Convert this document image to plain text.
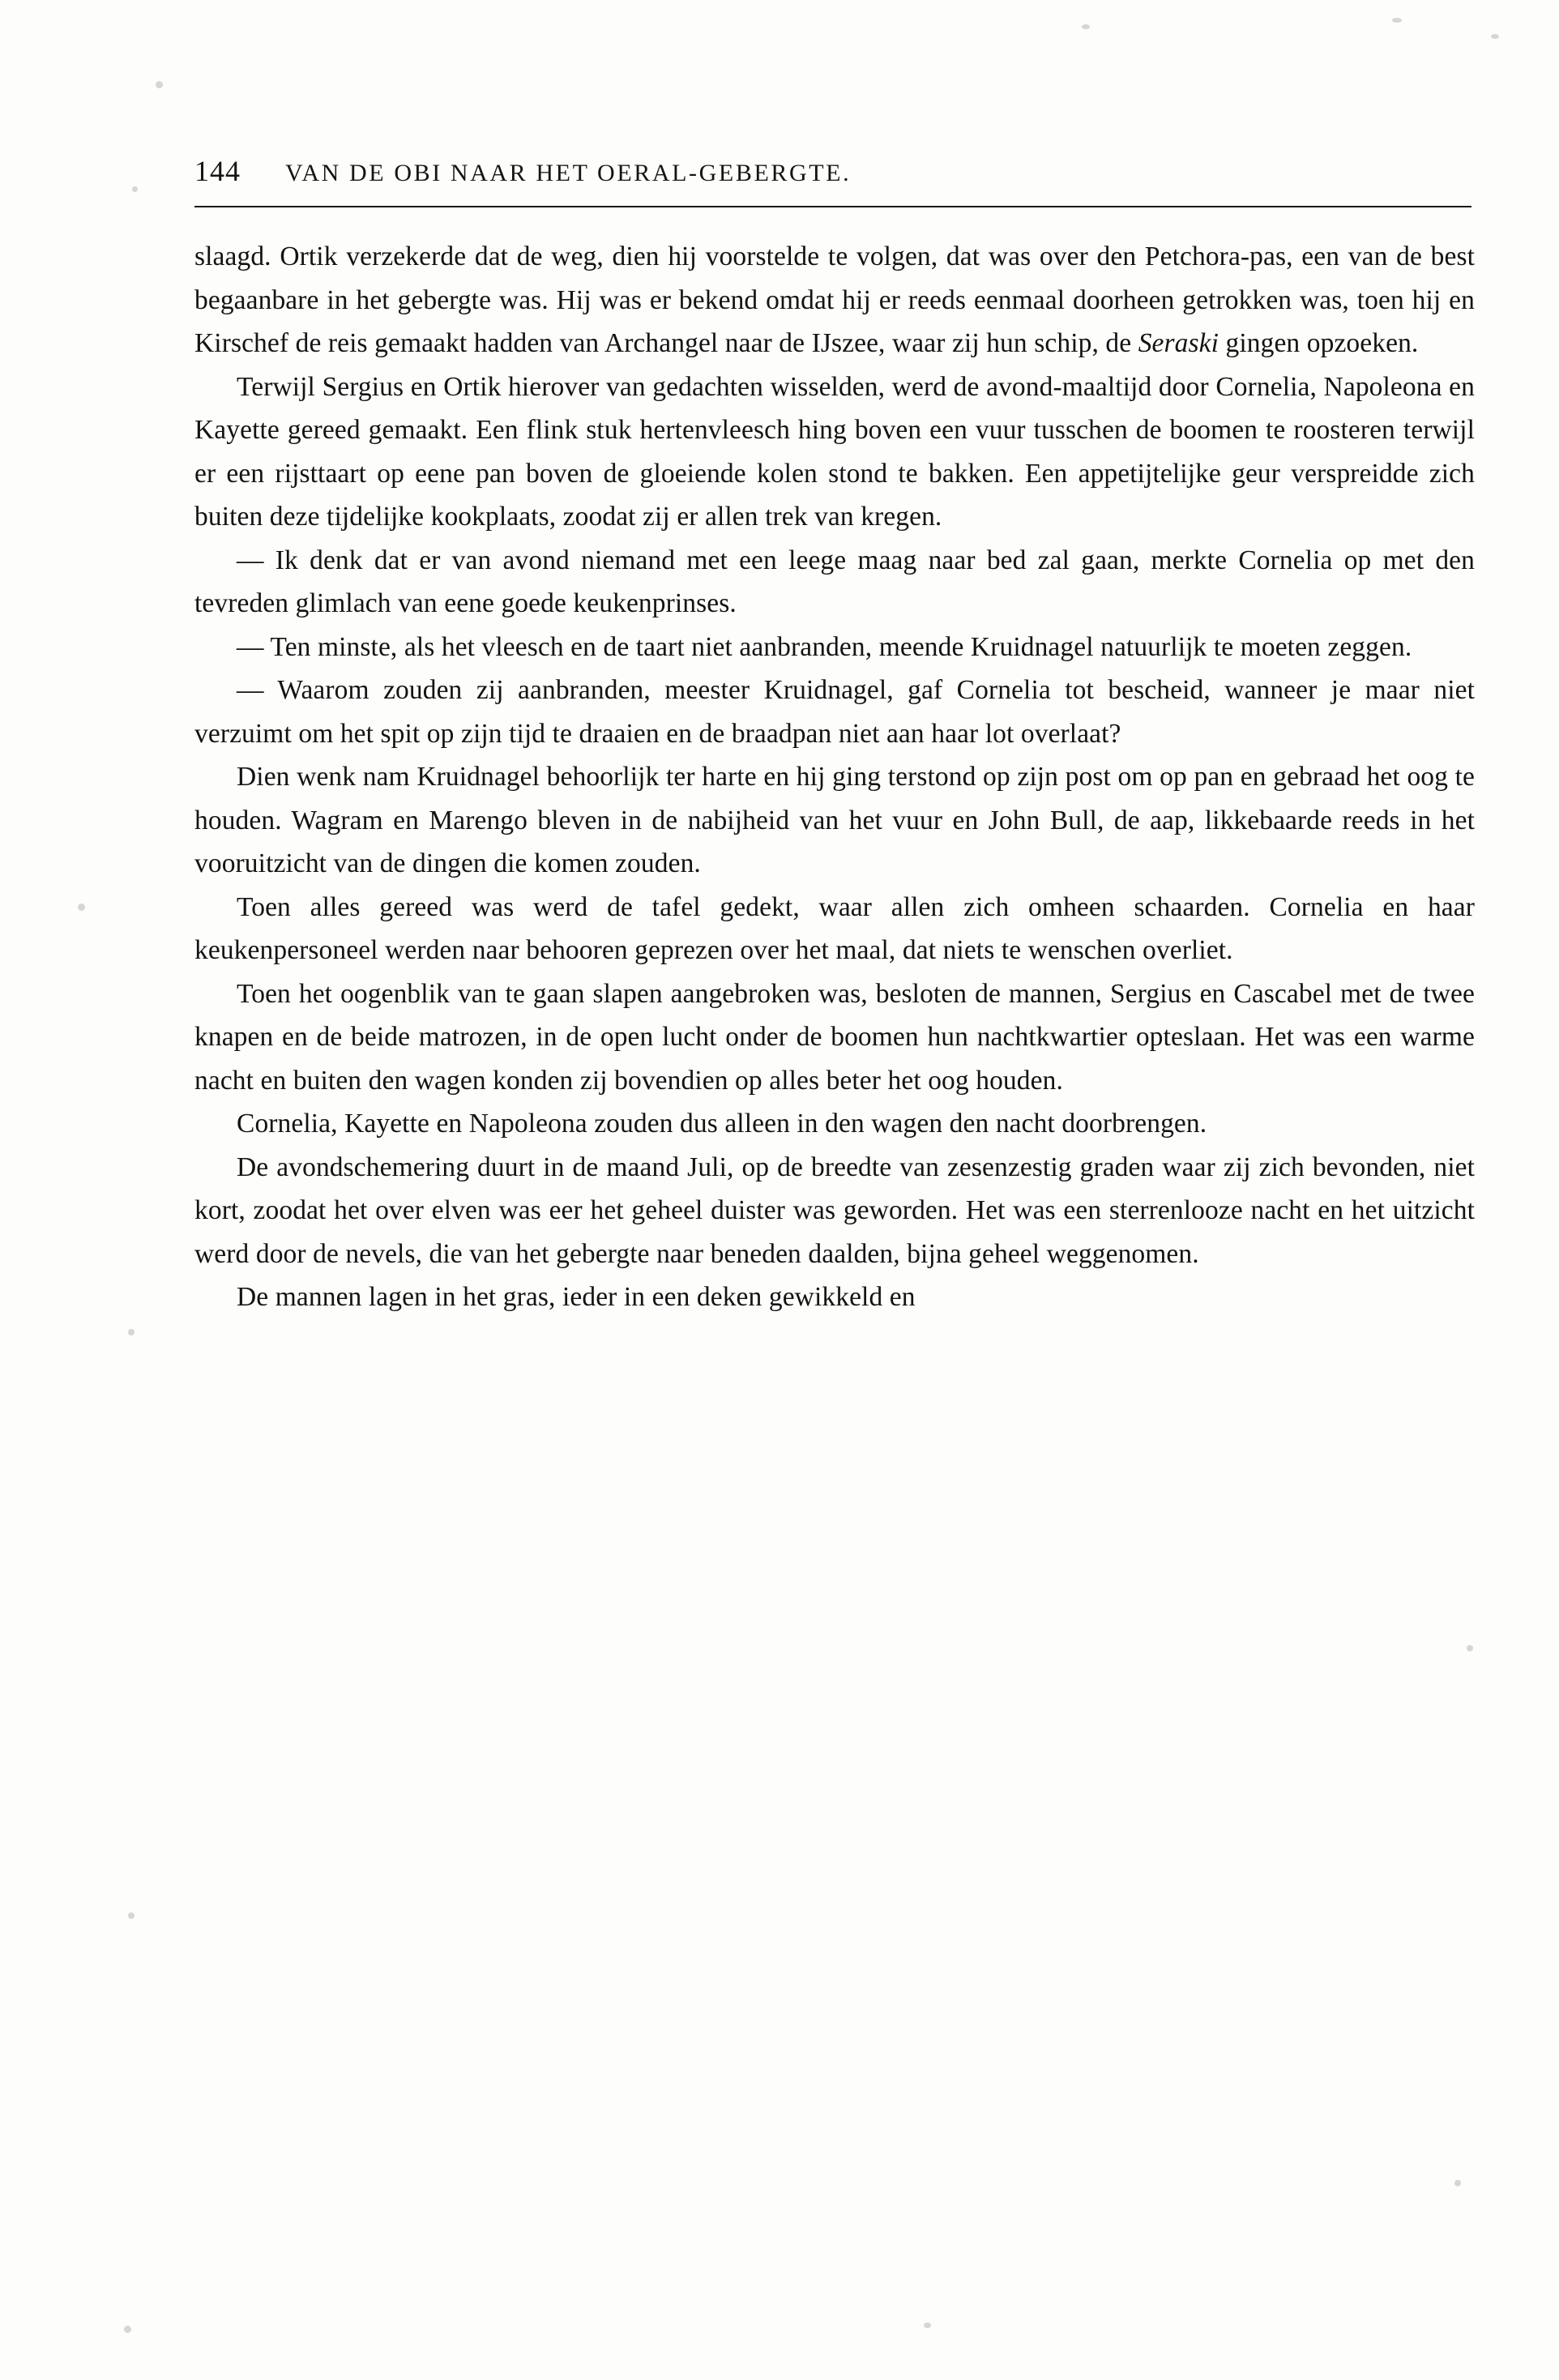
144	VAN DE OBI NAAR HET OERAL-GEBERGTE.

slaagd. Ortik verzekerde dat de weg, dien hij voorstelde te volgen, dat was over den Petchora-pas, een van de best begaanbare in het gebergte was. Hij was er bekend omdat hij er reeds eenmaal doorheen getrokken was, toen hij en Kirschef de reis gemaakt hadden van Archangel naar de IJszee, waar zij hun schip, de Seraski gingen opzoeken.

Terwijl Sergius en Ortik hierover van gedachten wisselden, werd de avond-maaltijd door Cornelia, Napoleona en Kayette gereed gemaakt. Een flink stuk hertenvleesch hing boven een vuur tusschen de boomen te roosteren terwijl er een rijsttaart op eene pan boven de gloeiende kolen stond te bakken. Een appetijtelijke geur verspreidde zich buiten deze tijdelijke kookplaats, zoodat zij er allen trek van kregen.

— Ik denk dat er van avond niemand met een leege maag naar bed zal gaan, merkte Cornelia op met den tevreden glimlach van eene goede keukenprinses.

— Ten minste, als het vleesch en de taart niet aanbranden, meende Kruidnagel natuurlijk te moeten zeggen.

— Waarom zouden zij aanbranden, meester Kruidnagel, gaf Cornelia tot bescheid, wanneer je maar niet verzuimt om het spit op zijn tijd te draaien en de braadpan niet aan haar lot overlaat?

Dien wenk nam Kruidnagel behoorlijk ter harte en hij ging terstond op zijn post om op pan en gebraad het oog te houden. Wagram en Marengo bleven in de nabijheid van het vuur en John Bull, de aap, likkebaarde reeds in het vooruitzicht van de dingen die komen zouden.

Toen alles gereed was werd de tafel gedekt, waar allen zich omheen schaarden. Cornelia en haar keukenpersoneel werden naar behooren geprezen over het maal, dat niets te wenschen overliet.

Toen het oogenblik van te gaan slapen aangebroken was, besloten de mannen, Sergius en Cascabel met de twee knapen en de beide matrozen, in de open lucht onder de boomen hun nachtkwartier opteslaan. Het was een warme nacht en buiten den wagen konden zij bovendien op alles beter het oog houden.

Cornelia, Kayette en Napoleona zouden dus alleen in den wagen den nacht doorbrengen.

De avondschemering duurt in de maand Juli, op de breedte van zesenzestig graden waar zij zich bevonden, niet kort, zoodat het over elven was eer het geheel duister was geworden. Het was een sterrenlooze nacht en het uitzicht werd door de nevels, die van het gebergte naar beneden daalden, bijna geheel weggenomen.

De mannen lagen in het gras, ieder in een deken gewikkeld en
